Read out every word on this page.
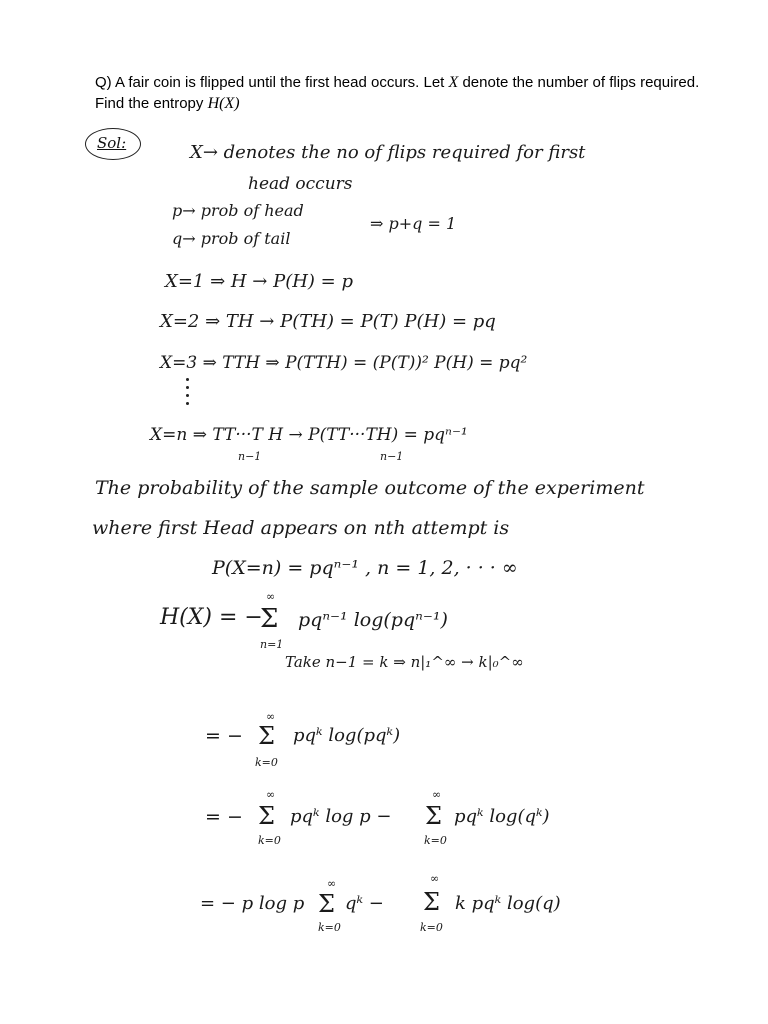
Q) A fair coin is flipped until the first head occurs. Let X denote the number of flips required. Find the entropy H(X)
Sol:	X→ denotes the no of flips required for first
head occurs
p→ prob of head
q→ prob of tail
⇒ p+q = 1
X=1 ⇒ H → P(H) = p
X=2 ⇒ TH → P(TH) = P(T) P(H) = pq
X=3 ⇒ TTH ⇒ P(TTH) = (P(T))² P(H) = pq²
X=n ⇒ TT···T H → P(TT···TH) = pqⁿ⁻¹
n−1	n−1
The probability of the sample outcome of the experiment
where first Head appears on nth attempt is
P(X=n) = pqⁿ⁻¹ , n = 1, 2, · · · ∞
H(X) = −
∞
Σ
n=1
pqⁿ⁻¹ log(pqⁿ⁻¹)
Take n−1 = k ⇒ n|₁^∞ → k|₀^∞
= −
∞
Σ
k=0
pqᵏ log(pqᵏ)
= −
∞
Σ
k=0
pqᵏ log p −
∞
Σ
k=0
pqᵏ log(qᵏ)
= − p log p
∞
Σ
k=0
qᵏ −
∞
Σ
k=0
k pqᵏ log(q)
